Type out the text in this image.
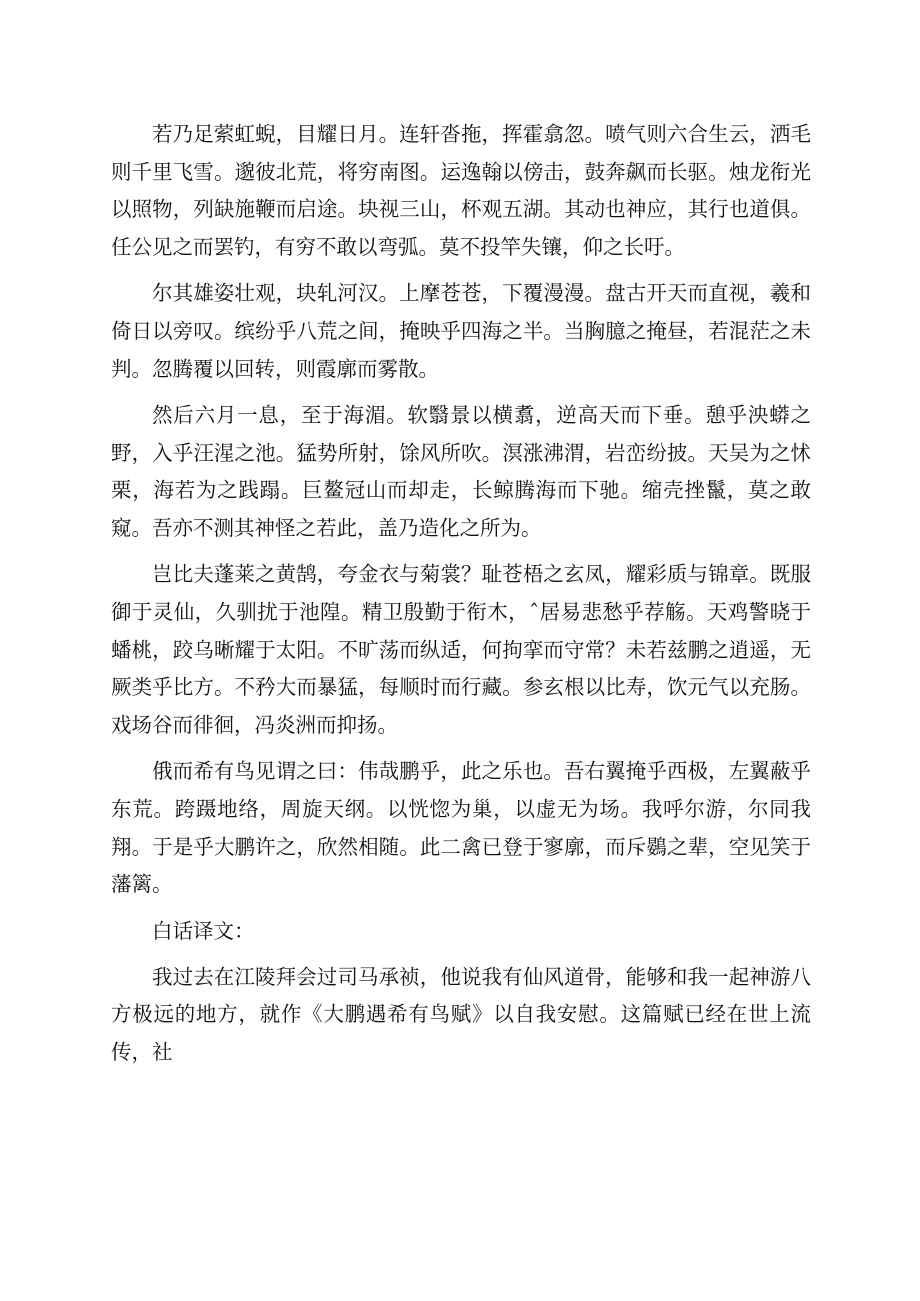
若乃足萦虹蜺，目耀日月。连轩沓拖，挥霍翕忽。喷气则六合生云，洒毛则千里飞雪。邈彼北荒，将穷南图。运逸翰以傍击，鼓奔飙而长驱。烛龙衔光以照物，列缺施鞭而启途。块视三山，杯观五湖。其动也神应，其行也道俱。任公见之而罢钓，有穷不敢以弯弧。莫不投竿失镶，仰之长吁。

尔其雄姿壮观，块轧河汉。上摩苍苍，下覆漫漫。盘古开天而直视，羲和倚日以旁叹。缤纷乎八荒之间，掩映乎四海之半。当胸臆之掩昼，若混茫之未判。忽腾覆以回转，则霞廓而雾散。

然后六月一息，至于海湄。软翳景以横翥，逆高天而下垂。憩乎泱蟒之野，入乎汪湦之池。猛势所射，馀风所吹。溟涨沸渭，岩峦纷披。天吴为之怵栗，海若为之践蹋。巨鳌冠山而却走，长鲸腾海而下驰。缩壳挫鬣，莫之敢窥。吾亦不测其神怪之若此，盖乃造化之所为。

岂比夫蓬莱之黄鹄，夸金衣与菊裳？耻苍梧之玄凤，耀彩质与锦章。既服御于灵仙，久驯扰于池隍。精卫殷勤于衔木，ˆ居易悲愁乎荐觞。天鸡警晓于蟠桃，跤乌晰耀于太阳。不旷荡而纵适，何拘挛而守常？未若兹鹏之逍遥，无厥类乎比方。不矜大而暴猛，每顺时而行藏。参玄根以比寿，饮元气以充肠。戏场谷而徘徊，冯炎洲而抑扬。

俄而希有鸟见谓之曰：伟哉鹏乎，此之乐也。吾右翼掩乎西极，左翼蔽乎东荒。跨蹑地络，周旋天纲。以恍惚为巢，以虚无为场。我呼尔游，尔同我翔。于是乎大鹏许之，欣然相随。此二禽已登于寥廓，而斥鷃之辈，空见笑于藩篱。

白话译文：

我过去在江陵拜会过司马承祯，他说我有仙风道骨，能够和我一起神游八方极远的地方，就作《大鹏遇希有鸟赋》以自我安慰。这篇赋已经在世上流传，社
